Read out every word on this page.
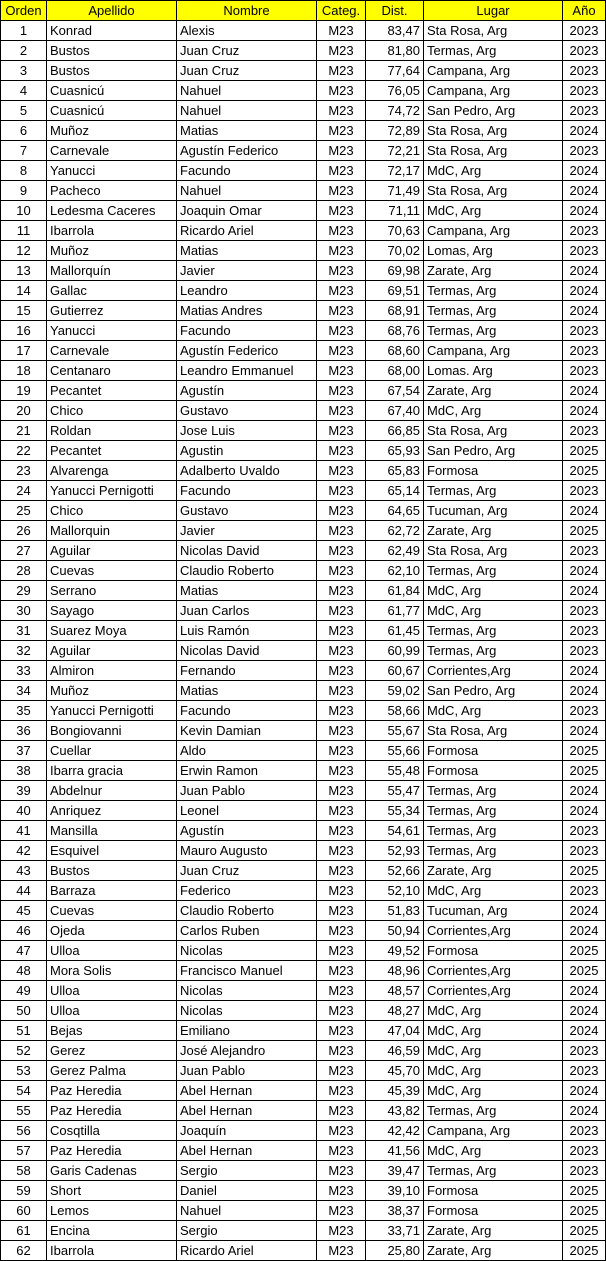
Orden	Apellido	Nombre	Categ.	Dist.	Lugar	Año
1	Konrad	Alexis	M23	83,47	Sta Rosa, Arg	2023
2	Bustos	Juan Cruz	M23	81,80	Termas, Arg	2023
3	Bustos	Juan Cruz	M23	77,64	Campana, Arg	2023
4	Cuasnicú	Nahuel	M23	76,05	Campana, Arg	2023
5	Cuasnicú	Nahuel	M23	74,72	San Pedro, Arg	2023
6	Muñoz	Matias	M23	72,89	Sta Rosa, Arg	2024
7	Carnevale	Agustín Federico	M23	72,21	Sta Rosa, Arg	2023
8	Yanucci	Facundo	M23	72,17	MdC, Arg	2024
9	Pacheco	Nahuel	M23	71,49	Sta Rosa, Arg	2024
10	Ledesma Caceres	Joaquin Omar	M23	71,11	MdC, Arg	2024
11	Ibarrola	Ricardo Ariel	M23	70,63	Campana, Arg	2023
12	Muñoz	Matias	M23	70,02	Lomas, Arg	2023
13	Mallorquín	Javier	M23	69,98	Zarate, Arg	2024
14	Gallac	Leandro	M23	69,51	Termas, Arg	2024
15	Gutierrez	Matias Andres	M23	68,91	Termas, Arg	2024
16	Yanucci	Facundo	M23	68,76	Termas, Arg	2023
17	Carnevale	Agustín Federico	M23	68,60	Campana, Arg	2023
18	Centanaro	Leandro Emmanuel	M23	68,00	Lomas. Arg	2023
19	Pecantet	Agustín	M23	67,54	Zarate, Arg	2024
20	Chico	Gustavo	M23	67,40	MdC, Arg	2024
21	Roldan	Jose Luis	M23	66,85	Sta Rosa, Arg	2023
22	Pecantet	Agustin	M23	65,93	San Pedro, Arg	2025
23	Alvarenga	Adalberto Uvaldo	M23	65,83	Formosa	2025
24	Yanucci Pernigotti	Facundo	M23	65,14	Termas, Arg	2023
25	Chico	Gustavo	M23	64,65	Tucuman, Arg	2024
26	Mallorquin	Javier	M23	62,72	Zarate, Arg	2025
27	Aguilar	Nicolas David	M23	62,49	Sta Rosa, Arg	2023
28	Cuevas	Claudio Roberto	M23	62,10	Termas, Arg	2024
29	Serrano	Matias	M23	61,84	MdC, Arg	2024
30	Sayago	Juan Carlos	M23	61,77	MdC, Arg	2023
31	Suarez Moya	Luis Ramón	M23	61,45	Termas, Arg	2023
32	Aguilar	Nicolas David	M23	60,99	Termas, Arg	2023
33	Almiron	Fernando	M23	60,67	Corrientes,Arg	2024
34	Muñoz	Matias	M23	59,02	San Pedro, Arg	2024
35	Yanucci Pernigotti	Facundo	M23	58,66	MdC, Arg	2023
36	Bongiovanni	Kevin Damian	M23	55,67	Sta Rosa, Arg	2024
37	Cuellar	Aldo	M23	55,66	Formosa	2025
38	Ibarra gracia	Erwin Ramon	M23	55,48	Formosa	2025
39	Abdelnur	Juan Pablo	M23	55,47	Termas, Arg	2024
40	Anriquez	Leonel	M23	55,34	Termas, Arg	2024
41	Mansilla	Agustín	M23	54,61	Termas, Arg	2023
42	Esquivel	Mauro Augusto	M23	52,93	Termas, Arg	2023
43	Bustos	Juan Cruz	M23	52,66	Zarate, Arg	2025
44	Barraza	Federico	M23	52,10	MdC, Arg	2023
45	Cuevas	Claudio Roberto	M23	51,83	Tucuman, Arg	2024
46	Ojeda	Carlos Ruben	M23	50,94	Corrientes,Arg	2024
47	Ulloa	Nicolas	M23	49,52	Formosa	2025
48	Mora Solis	Francisco Manuel	M23	48,96	Corrientes,Arg	2025
49	Ulloa	Nicolas	M23	48,57	Corrientes,Arg	2024
50	Ulloa	Nicolas	M23	48,27	MdC, Arg	2024
51	Bejas	Emiliano	M23	47,04	MdC, Arg	2024
52	Gerez	José Alejandro	M23	46,59	MdC, Arg	2023
53	Gerez Palma	Juan Pablo	M23	45,70	MdC, Arg	2023
54	Paz Heredia	Abel Hernan	M23	45,39	MdC, Arg	2024
55	Paz Heredia	Abel Hernan	M23	43,82	Termas, Arg	2024
56	Cosqtilla	Joaquín	M23	42,42	Campana, Arg	2023
57	Paz Heredia	Abel Hernan	M23	41,56	MdC, Arg	2023
58	Garis Cadenas	Sergio	M23	39,47	Termas, Arg	2023
59	Short	Daniel	M23	39,10	Formosa	2025
60	Lemos	Nahuel	M23	38,37	Formosa	2025
61	Encina	Sergio	M23	33,71	Zarate, Arg	2025
62	Ibarrola	Ricardo Ariel	M23	25,80	Zarate, Arg	2025
